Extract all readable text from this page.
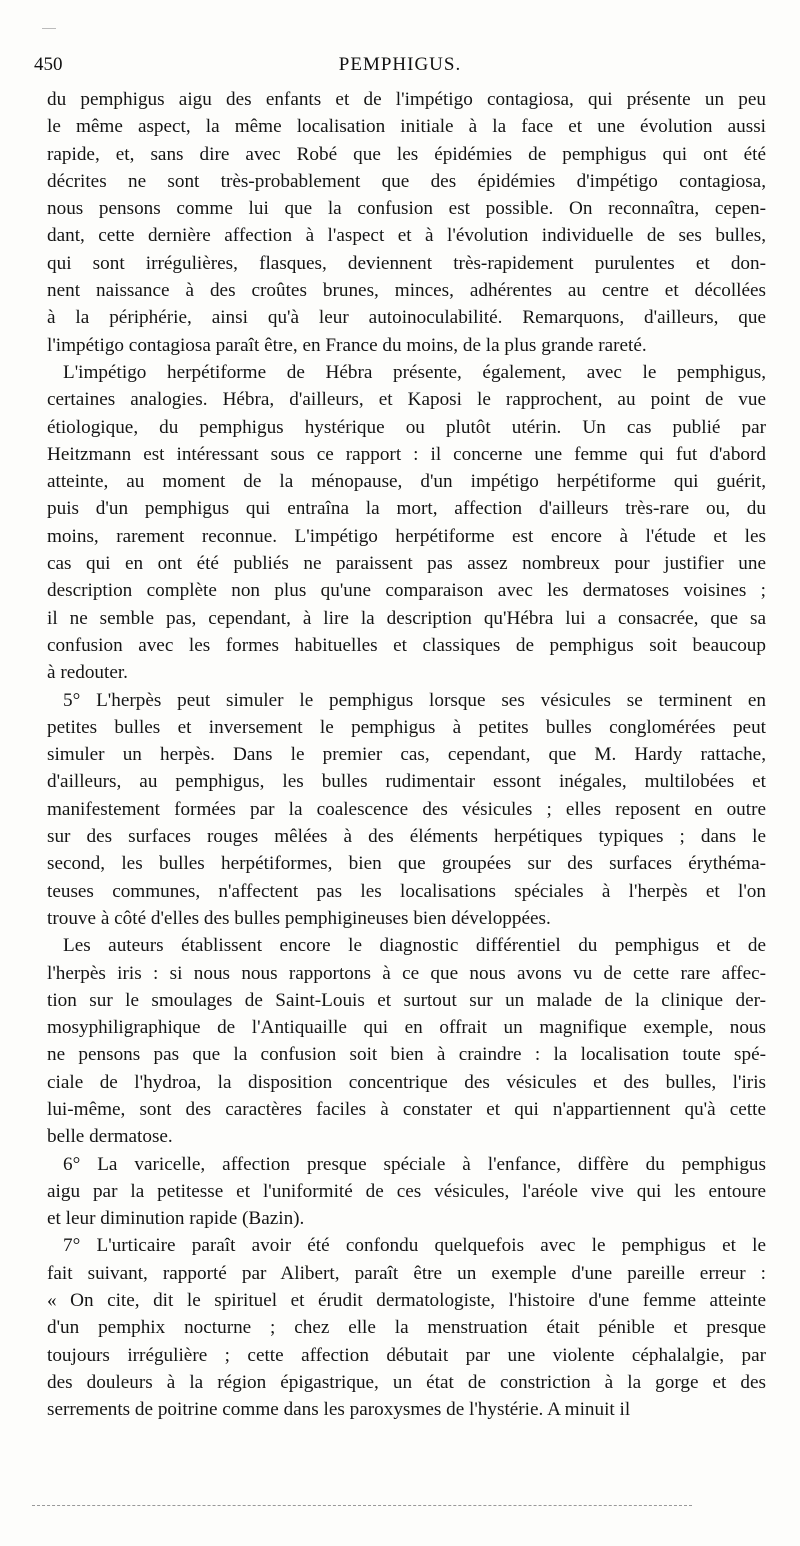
450	PEMPHIGUS.
du pemphigus aigu des enfants et de l'impétigo contagiosa, qui présente un peu
le même aspect, la même localisation initiale à la face et une évolution aussi
rapide, et, sans dire avec Robé que les épidémies de pemphigus qui ont été
décrites ne sont très-probablement que des épidémies d'impétigo contagiosa,
nous pensons comme lui que la confusion est possible. On reconnaîtra, cepen-
dant, cette dernière affection à l'aspect et à l'évolution individuelle de ses bulles,
qui sont irrégulières, flasques, deviennent très-rapidement purulentes et don-
nent naissance à des croûtes brunes, minces, adhérentes au centre et décollées
à la périphérie, ainsi qu'à leur autoinoculabilité. Remarquons, d'ailleurs, que
l'impétigo contagiosa paraît être, en France du moins, de la plus grande rareté.
L'impétigo herpétiforme de Hébra présente, également, avec le pemphigus,
certaines analogies. Hébra, d'ailleurs, et Kaposi le rapprochent, au point de vue
étiologique, du pemphigus hystérique ou plutôt utérin. Un cas publié par
Heitzmann est intéressant sous ce rapport : il concerne une femme qui fut d'abord
atteinte, au moment de la ménopause, d'un impétigo herpétiforme qui guérit,
puis d'un pemphigus qui entraîna la mort, affection d'ailleurs très-rare ou, du
moins, rarement reconnue. L'impétigo herpétiforme est encore à l'étude et les
cas qui en ont été publiés ne paraissent pas assez nombreux pour justifier une
description complète non plus qu'une comparaison avec les dermatoses voisines ;
il ne semble pas, cependant, à lire la description qu'Hébra lui a consacrée, que sa
confusion avec les formes habituelles et classiques de pemphigus soit beaucoup
à redouter.
5° L'herpès peut simuler le pemphigus lorsque ses vésicules se terminent en
petites bulles et inversement le pemphigus à petites bulles conglomérées peut
simuler un herpès. Dans le premier cas, cependant, que M. Hardy rattache,
d'ailleurs, au pemphigus, les bulles rudimentair essont inégales, multilobées et
manifestement formées par la coalescence des vésicules ; elles reposent en outre
sur des surfaces rouges mêlées à des éléments herpétiques typiques ; dans le
second, les bulles herpétiformes, bien que groupées sur des surfaces érythéma-
teuses communes, n'affectent pas les localisations spéciales à l'herpès et l'on
trouve à côté d'elles des bulles pemphigineuses bien développées.
Les auteurs établissent encore le diagnostic différentiel du pemphigus et de
l'herpès iris : si nous nous rapportons à ce que nous avons vu de cette rare affec-
tion sur le smoulages de Saint-Louis et surtout sur un malade de la clinique der-
mosyphiligraphique de l'Antiquaille qui en offrait un magnifique exemple, nous
ne pensons pas que la confusion soit bien à craindre : la localisation toute spé-
ciale de l'hydroa, la disposition concentrique des vésicules et des bulles, l'iris
lui-même, sont des caractères faciles à constater et qui n'appartiennent qu'à cette
belle dermatose.
6° La varicelle, affection presque spéciale à l'enfance, diffère du pemphigus
aigu par la petitesse et l'uniformité de ces vésicules, l'aréole vive qui les entoure
et leur diminution rapide (Bazin).
7° L'urticaire paraît avoir été confondu quelquefois avec le pemphigus et le
fait suivant, rapporté par Alibert, paraît être un exemple d'une pareille erreur :
« On cite, dit le spirituel et érudit dermatologiste, l'histoire d'une femme atteinte
d'un pemphix nocturne ; chez elle la menstruation était pénible et presque
toujours irrégulière ; cette affection débutait par une violente céphalalgie, par
des douleurs à la région épigastrique, un état de constriction à la gorge et des
serrements de poitrine comme dans les paroxysmes de l'hystérie. A minuit il
